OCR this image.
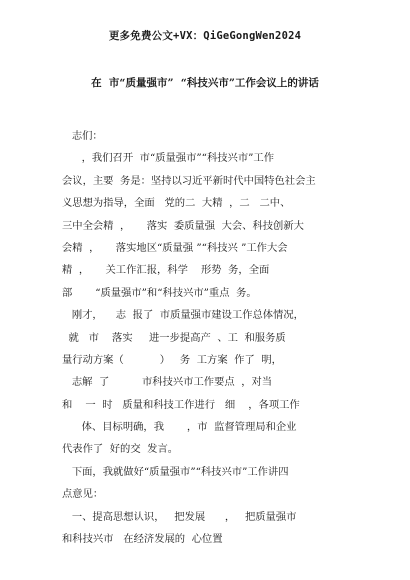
更多免费公文+VX：QiGeGongWen2024
在  市“质量强市”  “科技兴市”工作会议上的讲话
志们：
，我们召开  市“质量强市”“科技兴市”工作
会议，主要  务是：坚持以习近平新时代中国特色社会主
义思想为指导，全面   党的二  大精  ，二   二中、
三中全会精  ，     落实  委质量强  大会、科技创新大
会精  ，     落实地区“质量强 ”“科技兴 ”工作大会
精  ，     关工作汇报，科学    形势  务，全面
部       “质量强市”和“科技兴市”重点  务。
刚才，    志  报了  市质量强市建设工作总体情况，
就   市    落实     进一步提高产  、工  和服务质
量行动方案（           ）   务  工方案  作了  明，
志解  了          市科技兴市工作要点  ，对当
和    一  时   质量和科技工作进行   细    ，各项工作
体、目标明确，我       ，市  监督管理局和企业
代表作了  好的交  发言。
下面，我就做好“质量强市”“科技兴市”工作讲四
点意见：
一、提高思想认识，   把发展      ，   把质量强市
和科技兴市   在经济发展的  心位置
